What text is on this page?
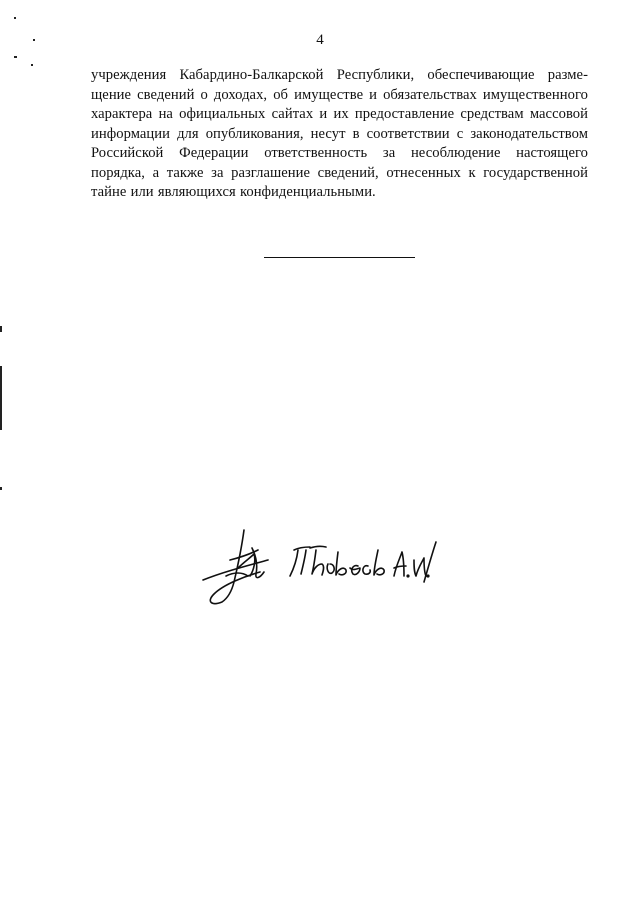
4
учреждения Кабардино-Балкарской Республики, обеспечивающие разме-
щение сведений о доходах, об имуществе и обязательствах имущественного
характера на официальных сайтах и их предоставление средствам массовой
информации для опубликования, несут в соответствии с законодательством
Российской Федерации ответственность за несоблюдение настоящего
порядка, а также за разглашение сведений, отнесенных к государственной
тайне или являющихся конфиденциальными.
